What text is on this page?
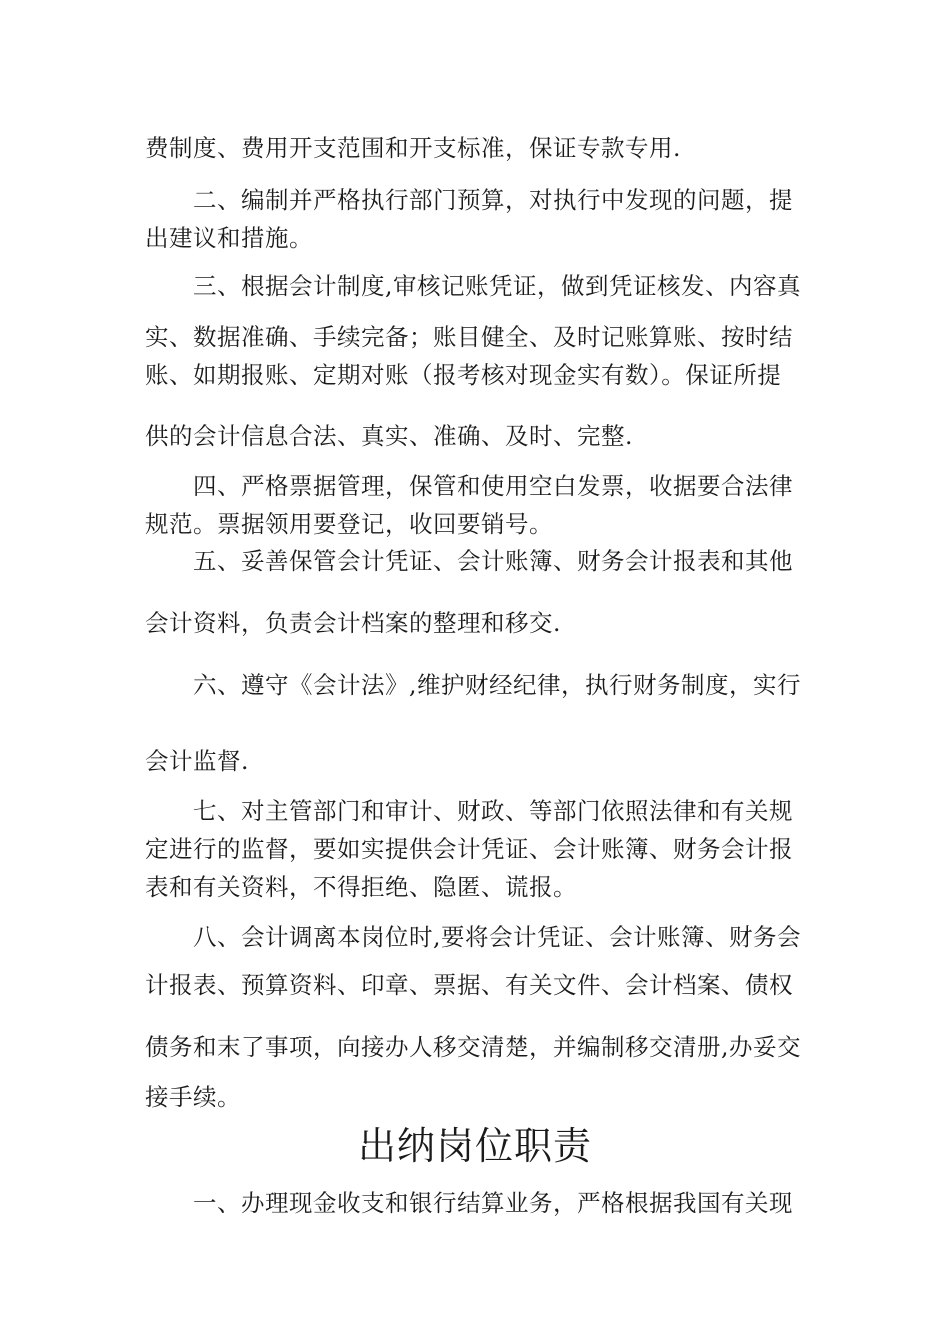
费制度、费用开支范围和开支标准，保证专款专用.
二、编制并严格执行部门预算，对执行中发现的问题，提
出建议和措施。
三、根据会计制度,审核记账凭证，做到凭证核发、内容真
实、数据准确、手续完备；账目健全、及时记账算账、按时结
账、如期报账、定期对账（报考核对现金实有数）。保证所提
供的会计信息合法、真实、准确、及时、完整.
四、严格票据管理，保管和使用空白发票，收据要合法律
规范。票据领用要登记，收回要销号。
五、妥善保管会计凭证、会计账簿、财务会计报表和其他
会计资料，负责会计档案的整理和移交.
六、遵守《会计法》,维护财经纪律，执行财务制度，实行
会计监督.
七、对主管部门和审计、财政、等部门依照法律和有关规
定进行的监督，要如实提供会计凭证、会计账簿、财务会计报
表和有关资料，不得拒绝、隐匿、谎报。
八、会计调离本岗位时,要将会计凭证、会计账簿、财务会
计报表、预算资料、印章、票据、有关文件、会计档案、债权
债务和末了事项，向接办人移交清楚，并编制移交清册,办妥交
接手续。
出纳岗位职责
一、办理现金收支和银行结算业务，严格根据我国有关现
